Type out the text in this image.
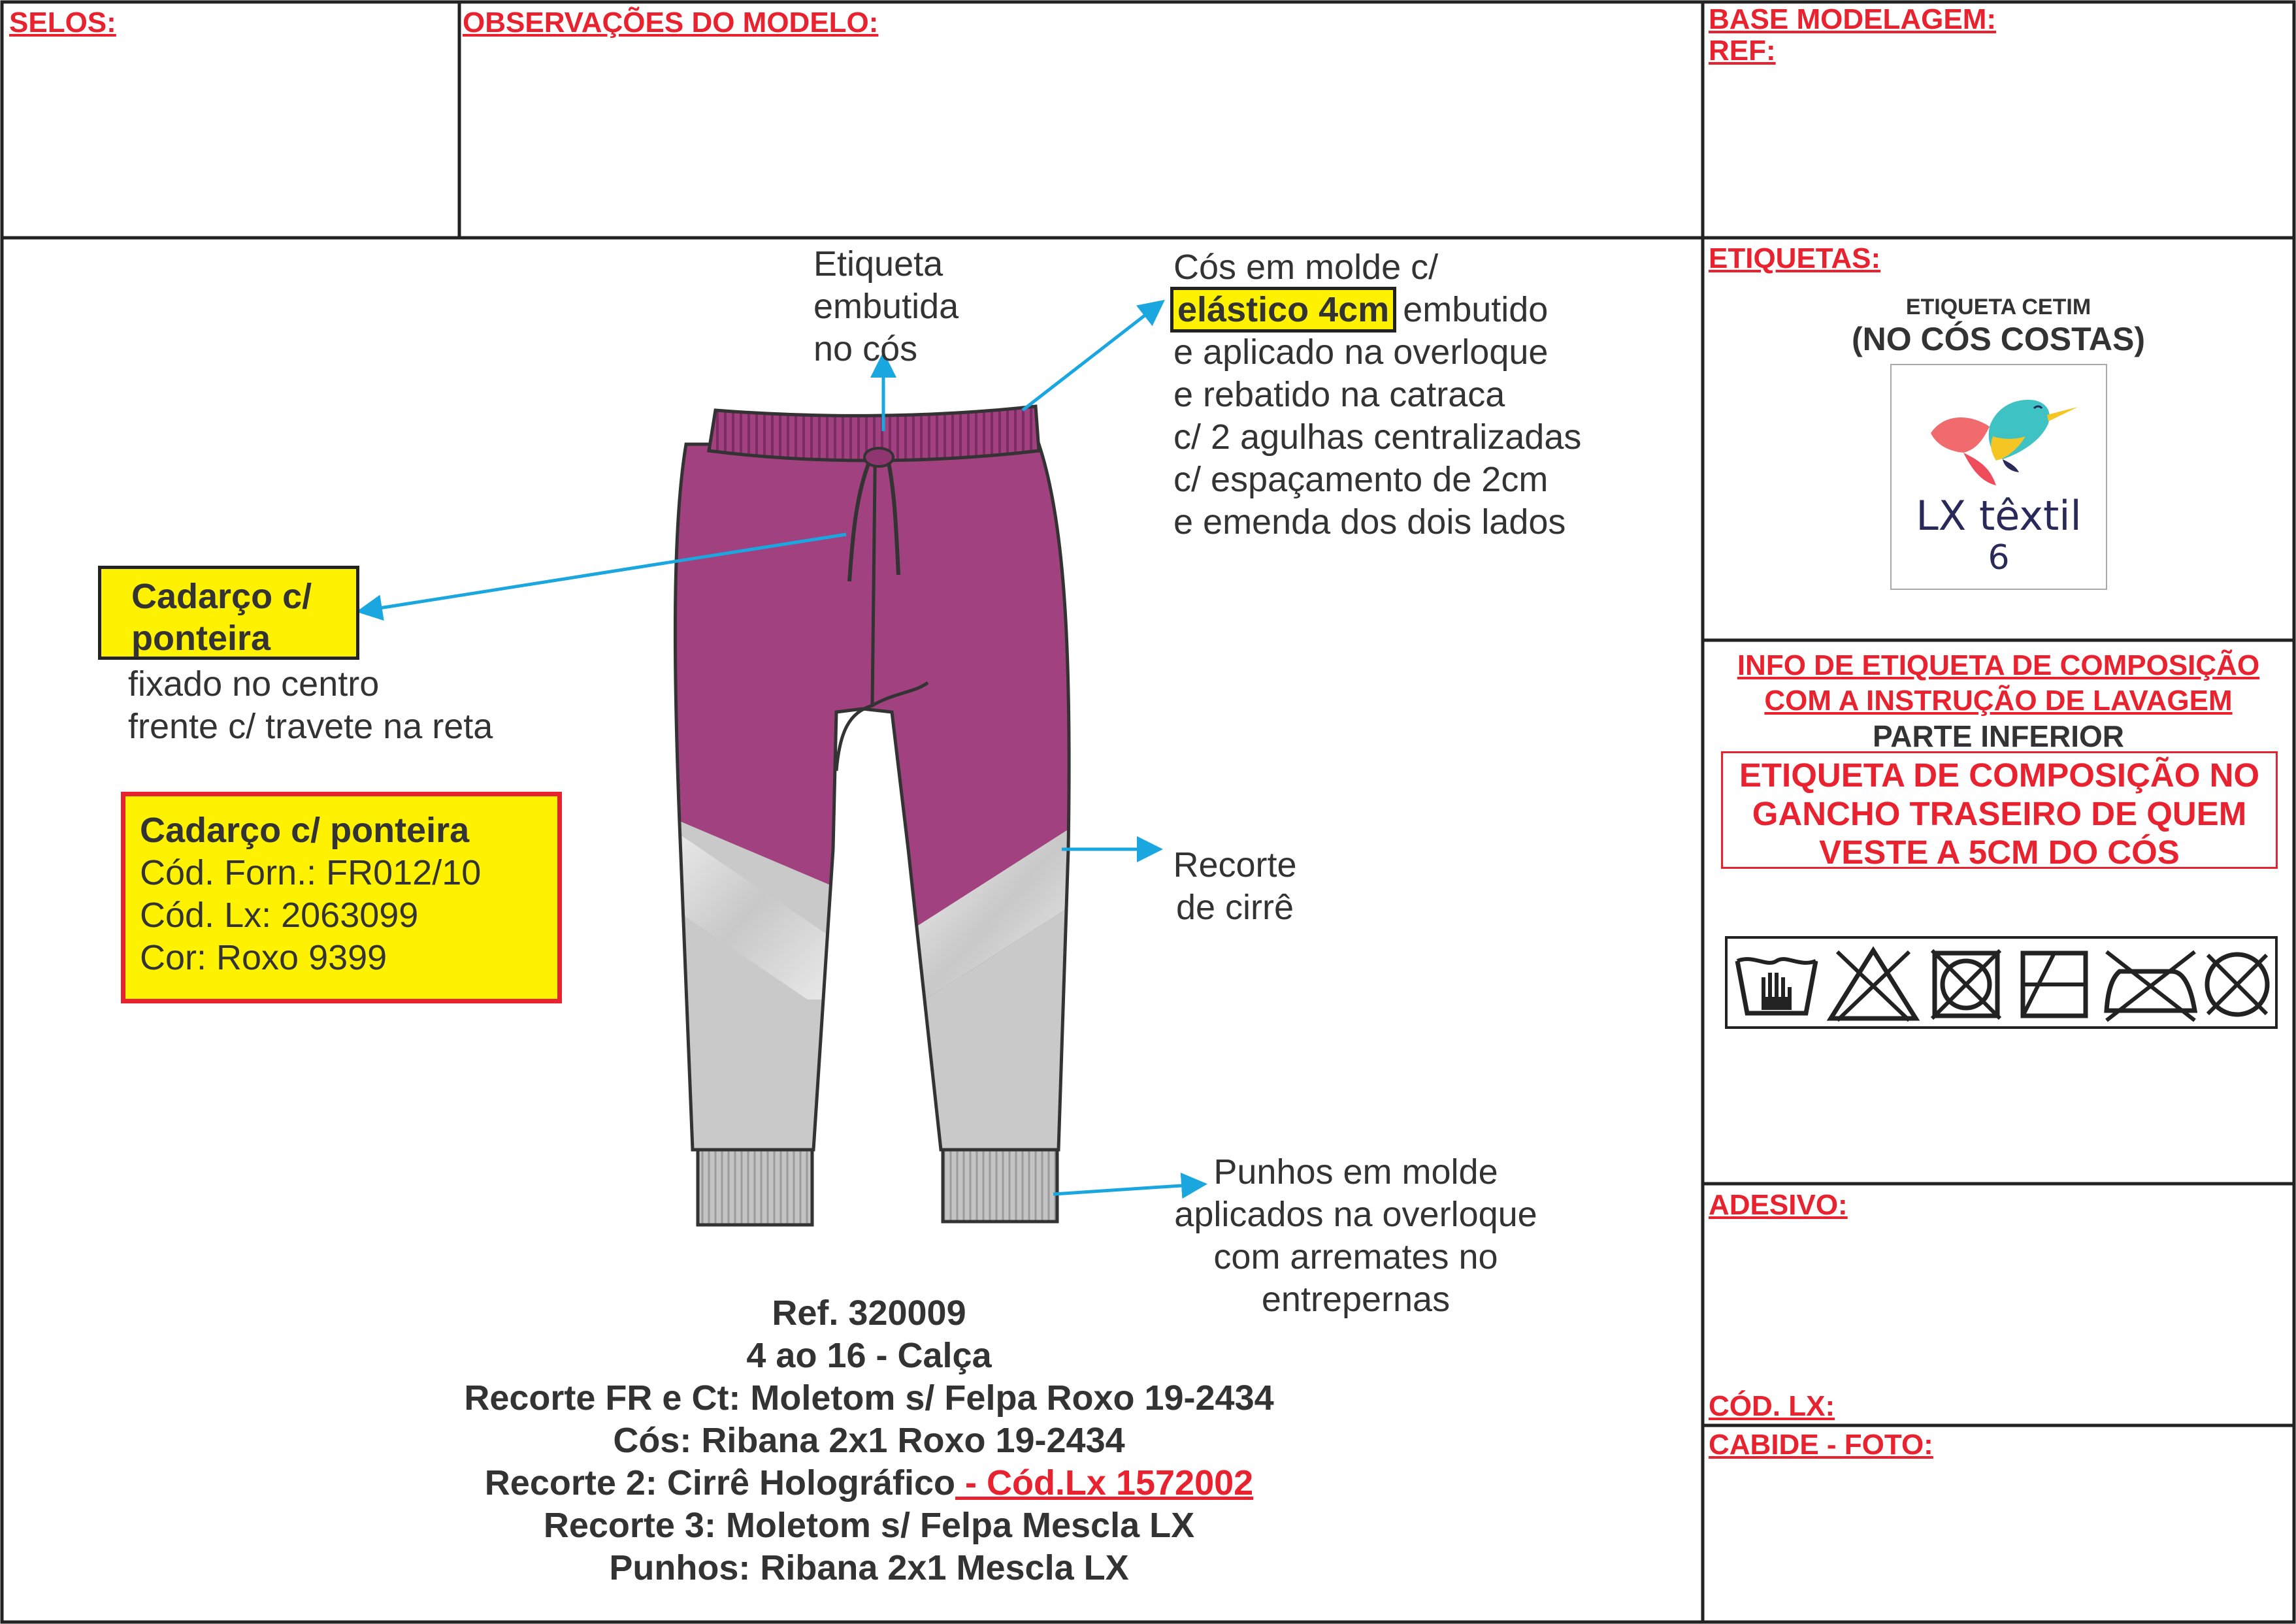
SELOS:	OBSERVAÇÕES DO MODELO:	BASE MODELAGEM:
REF:
Etiqueta
embutida
no cós
Cós em molde c/
elástico 4cm embutido
e aplicado na overloque
e rebatido na catraca
c/ 2 agulhas centralizadas
c/ espaçamento de 2cm
e emenda dos dois lados
Cadarço c/
ponteira
fixado no centro
frente c/ travete na reta
Cadarço c/ ponteira
Cód. Forn.: FR012/10
Cód. Lx: 2063099
Cor: Roxo 9399
Recorte
de cirrê
Punhos em molde
aplicados na overloque
com arremates no
entrepernas
Ref. 320009
4 ao 16 - Calça
Recorte FR e Ct: Moletom s/ Felpa Roxo 19-2434
Cós: Ribana 2x1 Roxo 19-2434
Recorte 2: Cirrê Holográfico - Cód.Lx 1572002
Recorte 3: Moletom s/ Felpa Mescla LX
Punhos: Ribana 2x1 Mescla LX
ETIQUETAS:
ETIQUETA CETIM
(NO CÓS COSTAS)
LX têxtil
6
INFO DE ETIQUETA DE COMPOSIÇÃO
COM A INSTRUÇÃO DE LAVAGEM
PARTE INFERIOR
ETIQUETA DE COMPOSIÇÃO NO
GANCHO TRASEIRO DE QUEM
VESTE A 5CM DO CÓS
ADESIVO:
CÓD. LX:
CABIDE - FOTO:
